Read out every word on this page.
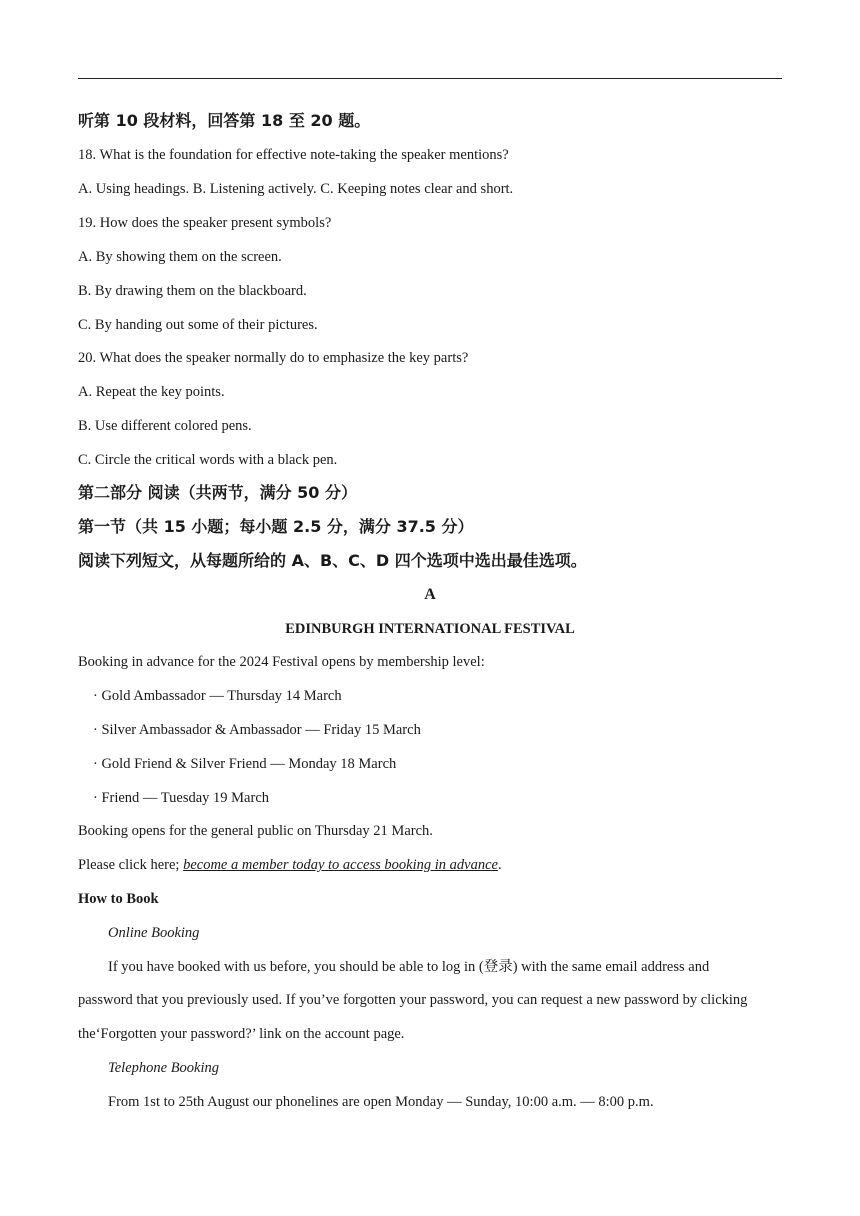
听第 10 段材料，回答第 18 至 20 题。
18. What is the foundation for effective note-taking the speaker mentions?
A. Using headings. B. Listening actively. C. Keeping notes clear and short.
19. How does the speaker present symbols?
A. By showing them on the screen.
B. By drawing them on the blackboard.
C. By handing out some of their pictures.
20. What does the speaker normally do to emphasize the key parts?
A. Repeat the key points.
B. Use different colored pens.
C. Circle the critical words with a black pen.
第二部分 阅读（共两节，满分 50 分）
第一节（共 15 小题；每小题 2.5 分，满分 37.5 分）
阅读下列短文，从每题所给的 A、B、C、D 四个选项中选出最佳选项。
A
EDINBURGH INTERNATIONAL FESTIVAL
Booking in advance for the 2024 Festival opens by membership level:
· Gold Ambassador — Thursday 14 March
· Silver Ambassador & Ambassador — Friday 15 March
· Gold Friend & Silver Friend — Monday 18 March
· Friend — Tuesday 19 March
Booking opens for the general public on Thursday 21 March.
Please click here; become a member today to access booking in advance.
How to Book
Online Booking
If you have booked with us before, you should be able to log in (登录) with the same email address and
password that you previously used. If you’ve forgotten your password, you can request a new password by clicking
the‘Forgotten your password?’ link on the account page.
Telephone Booking
From 1st to 25th August our phonelines are open Monday — Sunday, 10:00 a.m. — 8:00 p.m.
